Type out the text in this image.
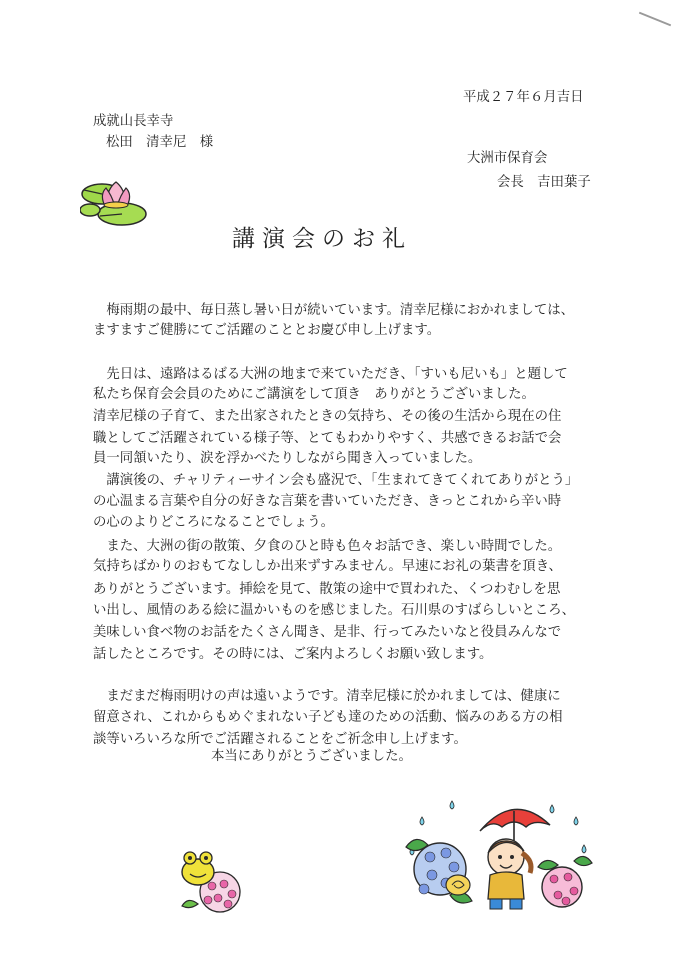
平成２７年６月吉日
成就山長幸寺
松田　清幸尼　様
大洲市保育会
会長　吉田葉子
講演会のお礼
　梅雨期の最中、毎日蒸し暑い日が続いています。清幸尼様におかれましては、
ますますご健勝にてご活躍のこととお慶び申し上げます。
　先日は、遠路はるばる大洲の地まで来ていただき、「すいも尼いも」と題して
私たち保育会会員のためにご講演をして頂き　ありがとうございました。
清幸尼様の子育て、また出家されたときの気持ち、その後の生活から現在の住
職としてご活躍されている様子等、とてもわかりやすく、共感できるお話で会
員一同頷いたり、涙を浮かべたりしながら聞き入っていました。
　講演後の、チャリティーサイン会も盛況で、「生まれてきてくれてありがとう」
の心温まる言葉や自分の好きな言葉を書いていただき、きっとこれから辛い時
の心のよりどころになることでしょう。
　また、大洲の街の散策、夕食のひと時も色々お話でき、楽しい時間でした。
気持ちばかりのおもてなししか出来ずすみません。早速にお礼の葉書を頂き、
ありがとうございます。挿絵を見て、散策の途中で買われた、くつわむしを思
い出し、風情のある絵に温かいものを感じました。石川県のすばらしいところ、
美味しい食べ物のお話をたくさん聞き、是非、行ってみたいなと役員みんなで
話したところです。その時には、ご案内よろしくお願い致します。
　まだまだ梅雨明けの声は遠いようです。清幸尼様に於かれましては、健康に
留意され、これからもめぐまれない子ども達のための活動、悩みのある方の相
談等いろいろな所でご活躍されることをご祈念申し上げます。
本当にありがとうございました。
